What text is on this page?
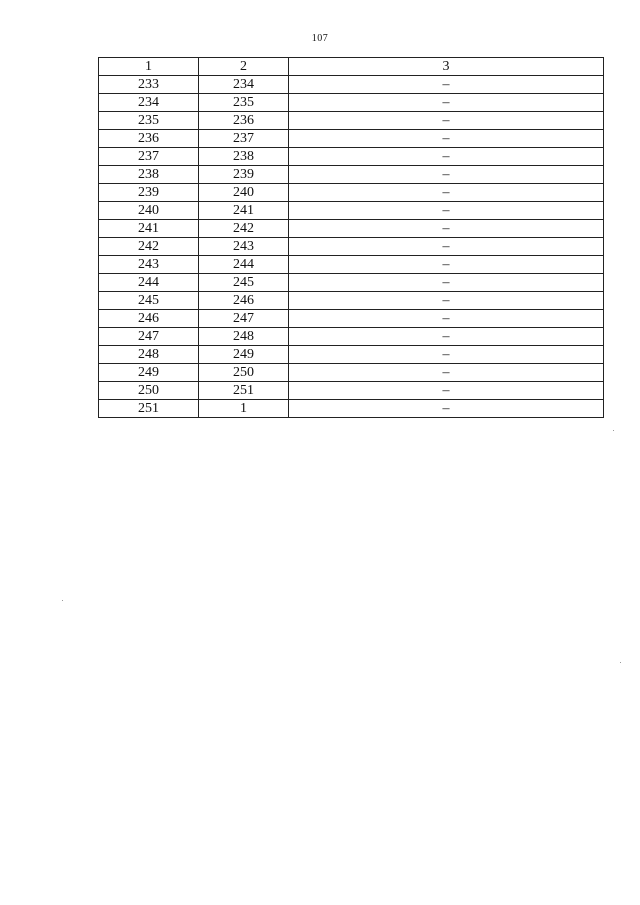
107
1	2	3
233	234	–
234	235	–
235	236	–
236	237	–
237	238	–
238	239	–
239	240	–
240	241	–
241	242	–
242	243	–
243	244	–
244	245	–
245	246	–
246	247	–
247	248	–
248	249	–
249	250	–
250	251	–
251	1	–
